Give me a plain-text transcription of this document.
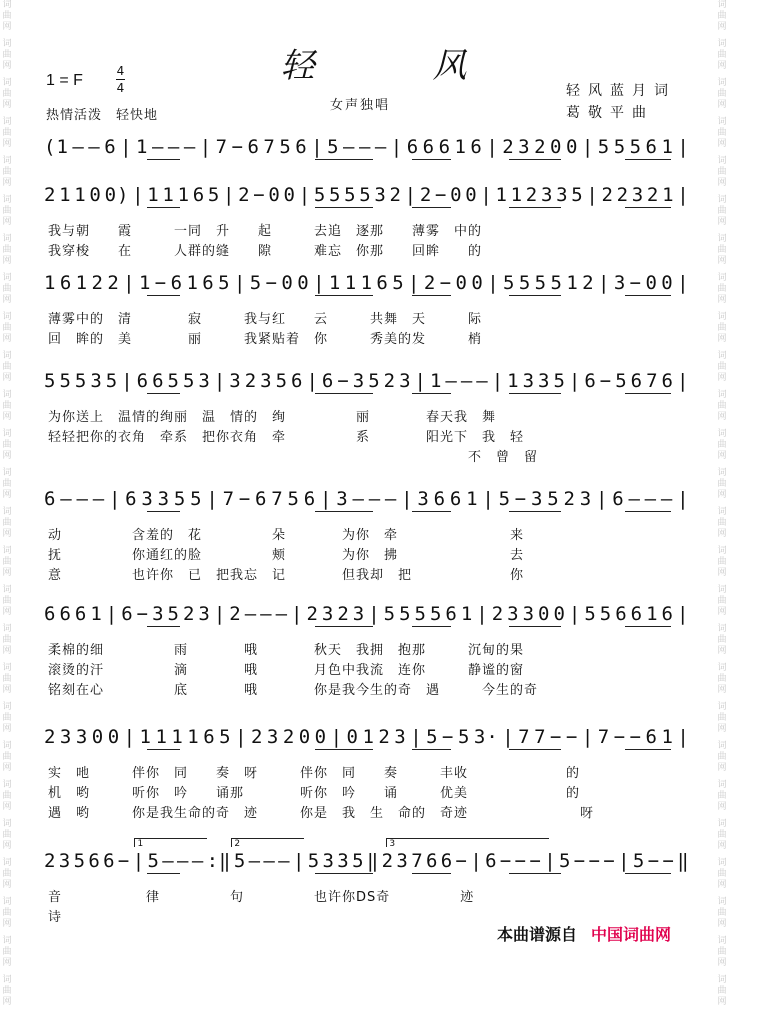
词
曲
网
词
曲
网
词
曲
网
词
曲
网
词
曲
网
词
曲
网
词
曲
网
词
曲
网
词
曲
网
词
曲
网
词
曲
网
词
曲
网
词
曲
网
词
曲
网
词
曲
网
词
曲
网
词
曲
网
词
曲
网
词
曲
网
词
曲
网
词
曲
网
词
曲
网
词
曲
网
词
曲
网
词
曲
网
词
曲
网
词
曲
网
词
曲
网
词
曲
网
词
曲
网
词
曲
网
词
曲
网
词
曲
网
词
曲
网
词
曲
网
词
曲
网
词
曲
网
词
曲
网
词
曲
网
词
曲
网
词
曲
网
词
曲
网
词
曲
网
词
曲
网
词
曲
网
词
曲
网
词
曲
网
词
曲
网
词
曲
网
词
曲
网
词
曲
网
词
曲
网
轻　风
1 = F
4
4
热情活泼　轻快地
女声独唱
轻风蓝月词
葛敬平曲
(1 — — 6 | 1 — — — | 7 − 6 7 5 6 | 5 — — — | 6 6 6 1 6 | 2 3 2 0 0 | 5 5 5 6 1 |
2 1 1 0 0) | 1 1 1 6 5 | 2 − 0 0 | 5 5 5 5 3 2 | 2 − 0 0 | 1 1 2 3 3 5 | 2 2 3 2 1 |
我与朝　　霞　　　一同　升　　起　　　去追　逐那　　薄雾　中的
我穿梭　　在　　　人群的缝　　隙　　　难忘　你那　　回眸　　的
1 6 1 2 2 | 1 − 6 1 6 5 | 5 − 0 0 | 1 1 1 6 5 | 2 − 0 0 | 5 5 5 5 1 2 | 3 − 0 0 |
薄雾中的　清　　　　寂　　　我与红　　云　　　共舞　天　　　际
回　眸的　美　　　　丽　　　我紧贴着　你　　　秀美的发　　　梢
5 5 5 3 5 | 6 6 5 5 3 | 3 2 3 5 6 | 6 − 3 5 2 3 | 1 — — — | 1 3 3 5 | 6 − 5 6 7 6 |
为你送上　温情的绚丽　温　情的　绚　　　　　丽　　　　春天我　舞
轻轻把你的衣角　牵系　把你衣角　牵　　　　　系　　　　阳光下　我　轻
　　　　　　　　　　　　　　　　　　　　　　　　　　　　　　不　曾　留
6 — — — | 6 3 3 5 5 | 7 − 6 7 5 6 | 3 — — — | 3 6 6 1 | 5 − 3 5 2 3 | 6 — — — |
动　　　　　含羞的　花　　　　　朵　　　　为你　牵　　　　　　　　来
抚　　　　　你通红的脸　　　　　颊　　　　为你　拂　　　　　　　　去
意　　　　　也许你　已　把我忘　记　　　　但我却　把　　　　　　　你
6 6 6 1 | 6 − 3 5 2 3 | 2 — — — | 2 3 2 3 | 5 5 5 5 6 1 | 2 3 3 0 0 | 5 5 6 6 1 6 |
柔棉的细　　　　　雨　　　　哦　　　　秋天　我拥　抱那　　　沉甸的果
滚烫的汗　　　　　滴　　　　哦　　　　月色中我流　连你　　　静谧的窗
铭刻在心　　　　　底　　　　哦　　　　你是我今生的奇　遇　　　今生的奇
2 3 3 0 0 | 1 1 1 1 6 5 | 2 3 2 0 0 | 0 1 2 3 | 5 − 5 3· | 7 7 − − | 7 − − 6 1 |
实　吔　　　伴你　同　　奏　呀　　　伴你　同　　奏　　　丰收　　　　　　　的
机　哟　　　听你　吟　　诵那　　　　听你　吟　　诵　　　优美　　　　　　　的
遇　哟　　　你是我生命的奇　迹　　　你是　我　生　命的　奇迹　　　　　　　　呀
2 3 5 6 6 − | 5 — — — :‖ 5 — — — | 5 3 3 5 ‖ 2 3 7 6 6 − | 6 − − − | 5 − − − | 5 − − ‖
音　　　　　　律　　　　　句　　　　　也许你DS奇　　　　　迹
诗
1	2	3
本曲谱源自 中国词曲网
